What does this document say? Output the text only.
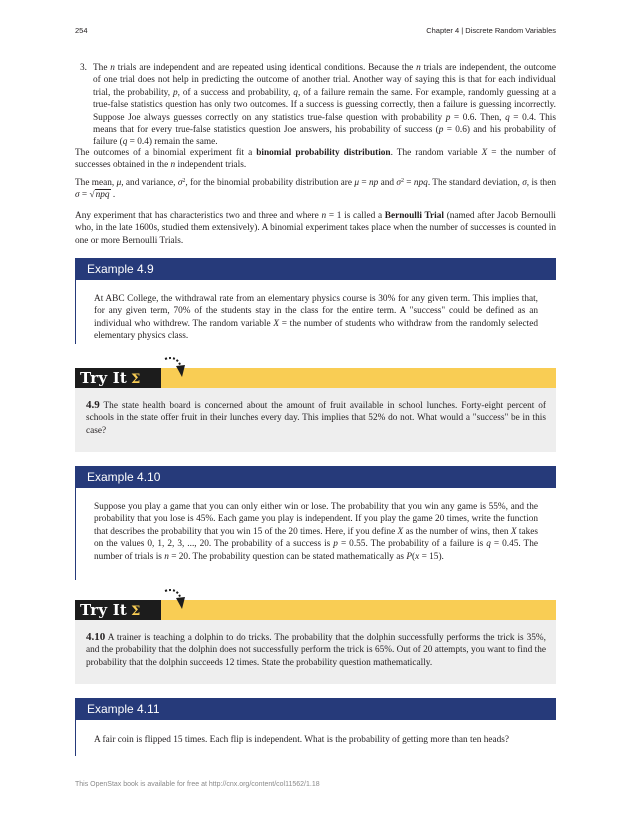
254	Chapter 4 | Discrete Random Variables
3. The n trials are independent and are repeated using identical conditions. Because the n trials are independent, the outcome of one trial does not help in predicting the outcome of another trial. Another way of saying this is that for each individual trial, the probability, p, of a success and probability, q, of a failure remain the same. For example, randomly guessing at a true-false statistics question has only two outcomes. If a success is guessing correctly, then a failure is guessing incorrectly. Suppose Joe always guesses correctly on any statistics true-false question with probability p = 0.6. Then, q = 0.4. This means that for every true-false statistics question Joe answers, his probability of success (p = 0.6) and his probability of failure (q = 0.4) remain the same.

The outcomes of a binomial experiment fit a binomial probability distribution. The random variable X = the number of successes obtained in the n independent trials.

The mean, μ, and variance, $\sigma^2$, for the binomial probability distribution are μ = np and $\sigma^2$ = npq. The standard deviation, σ, is then σ = √npq .

Any experiment that has characteristics two and three and where n = 1 is called a Bernoulli Trial (named after Jacob Bernoulli who, in the late 1600s, studied them extensively). A binomial experiment takes place when the number of successes is counted in one or more Bernoulli Trials.

Example 4.9
At ABC College, the withdrawal rate from an elementary physics course is 30% for any given term. This implies that, for any given term, 70% of the students stay in the class for the entire term. A "success" could be defined as an individual who withdrew. The random variable X = the number of students who withdraw from the randomly selected elementary physics class.
Try It Σ
4.9 The state health board is concerned about the amount of fruit available in school lunches. Forty-eight percent of schools in the state offer fruit in their lunches every day. This implies that 52% do not. What would a "success" be in this case?
Example 4.10
Suppose you play a game that you can only either win or lose. The probability that you win any game is 55%, and the probability that you lose is 45%. Each game you play is independent. If you play the game 20 times, write the function that describes the probability that you win 15 of the 20 times. Here, if you define X as the number of wins, then X takes on the values 0, 1, 2, 3, ..., 20. The probability of a success is p = 0.55. The probability of a failure is q = 0.45. The number of trials is n = 20. The probability question can be stated mathematically as P(x = 15).
Try It Σ
4.10 A trainer is teaching a dolphin to do tricks. The probability that the dolphin successfully performs the trick is 35%, and the probability that the dolphin does not successfully perform the trick is 65%. Out of 20 attempts, you want to find the probability that the dolphin succeeds 12 times. State the probability question mathematically.
Example 4.11
A fair coin is flipped 15 times. Each flip is independent. What is the probability of getting more than ten heads?
This OpenStax book is available for free at http://cnx.org/content/col11562/1.18
